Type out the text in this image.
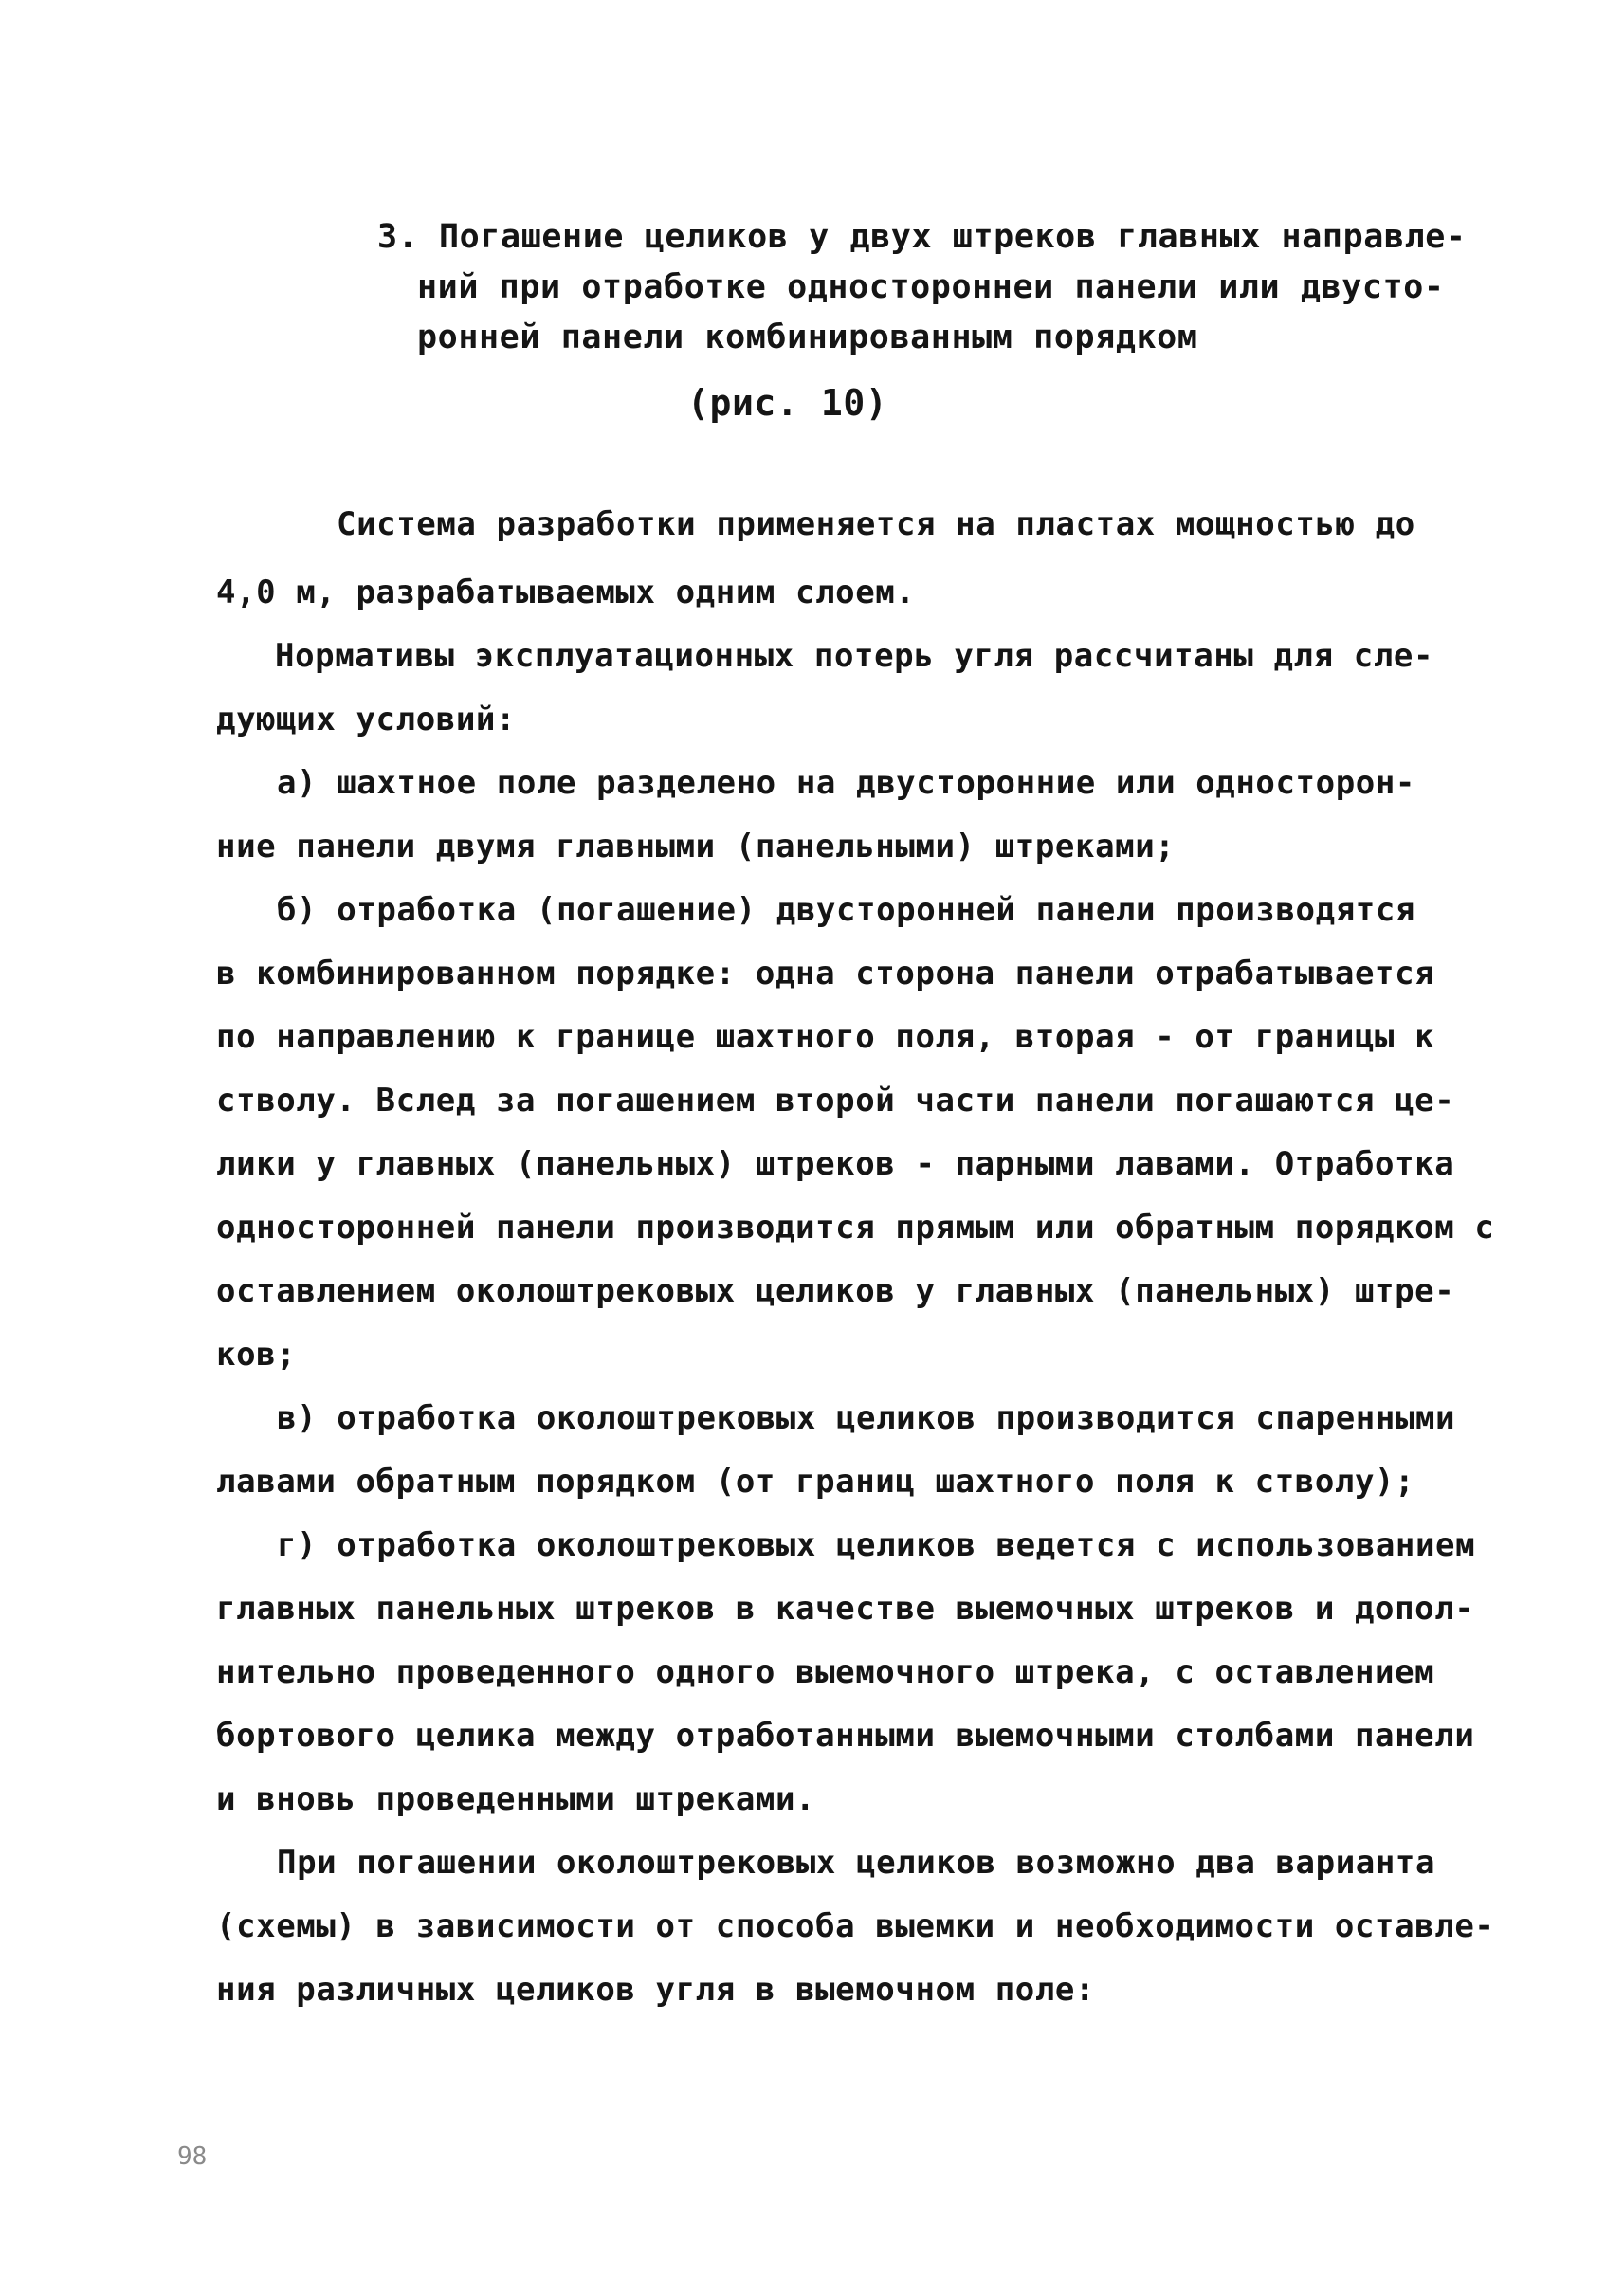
3. Погашение целиков у двух штреков главных направле-
ний при отработке одностороннеи панели или двусто-
ронней панели комбинированным порядком
(рис. 10)
Система разработки применяется на пластах мощностью до
4,0 м, разрабатываемых одним слоем.
Нормативы эксплуатационных потерь угля рассчитаны для сле-
дующих условий:
а) шахтное поле разделено на двусторонние или односторон-
ние панели двумя главными (панельными) штреками;
б) отработка (погашение) двусторонней панели производятся
в комбинированном порядке: одна сторона панели отрабатывается
по направлению к границе шахтного поля, вторая - от границы к
стволу. Вслед за погашением второй части панели погашаются це-
лики у главных (панельных) штреков - парными лавами. Отработка
односторонней панели производится прямым или обратным порядком с
оставлением околоштрековых целиков у главных (панельных) штре-
ков;
в) отработка околоштрековых целиков производится спаренными
лавами обратным порядком (от границ шахтного поля к стволу);
г) отработка околоштрековых целиков ведется с использованием
главных панельных штреков в качестве выемочных штреков и допол-
нительно проведенного одного выемочного штрека, с оставлением
бортового целика между отработанными выемочными столбами панели
и вновь проведенными штреками.
При погашении околоштрековых целиков возможно два варианта
(схемы) в зависимости от способа выемки и необходимости оставле-
ния различных целиков угля в выемочном поле:
98
